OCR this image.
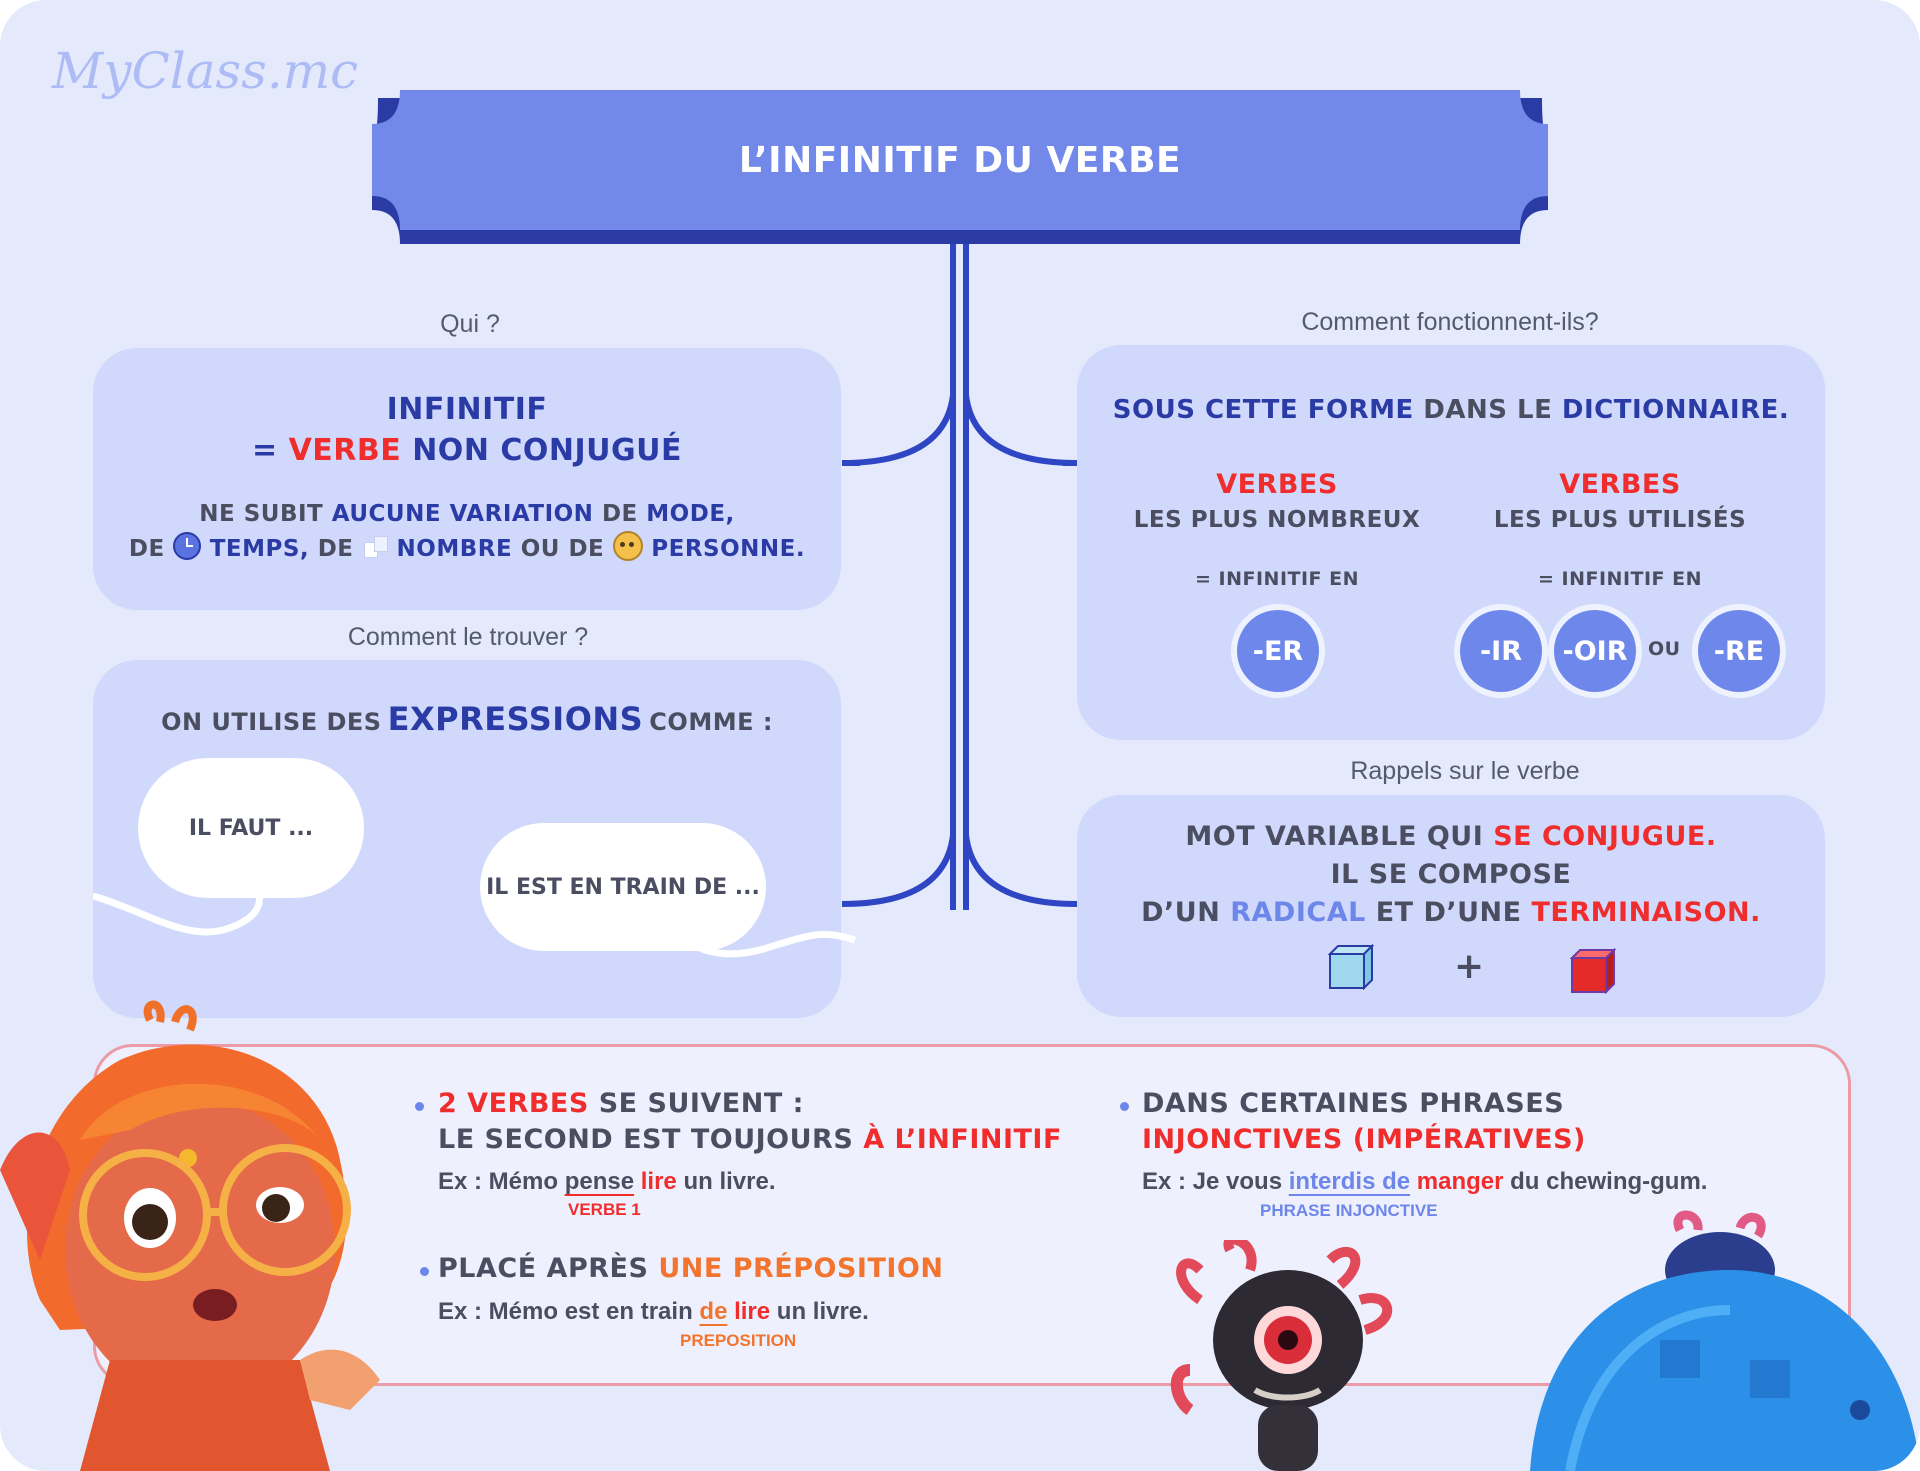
MyClass.mc
L’INFINITIF DU VERBE
Qui ?
INFINITIF
= VERBE NON CONJUGUÉ
NE SUBIT AUCUNE VARIATION DE MODE,
DE TEMPS, DE NOMBRE OU DE PERSONNE.
Comment le trouver ?
ON UTILISE DES EXPRESSIONS COMME :
IL FAUT ...
IL EST EN TRAIN DE ...
Comment fonctionnent-ils?
SOUS CETTE FORME DANS LE DICTIONNAIRE.
VERBES
LES PLUS NOMBREUX
= INFINITIF EN
-ER
VERBES
LES PLUS UTILISÉS
= INFINITIF EN
-IR	-OIR	OU	-RE
Rappels sur le verbe
MOT VARIABLE QUI SE CONJUGUE.
IL SE COMPOSE
D’UN RADICAL ET D’UNE TERMINAISON.
+
2 VERBES SE SUIVENT :
LE SECOND EST TOUJOURS À L’INFINITIF
Ex : Mémo pense lire un livre.
VERBE 1
PLACÉ APRÈS UNE PRÉPOSITION
Ex : Mémo est en train de lire un livre.
PREPOSITION
DANS CERTAINES PHRASES
INJONCTIVES (IMPÉRATIVES)
Ex : Je vous interdis de manger du chewing-gum.
PHRASE INJONCTIVE
